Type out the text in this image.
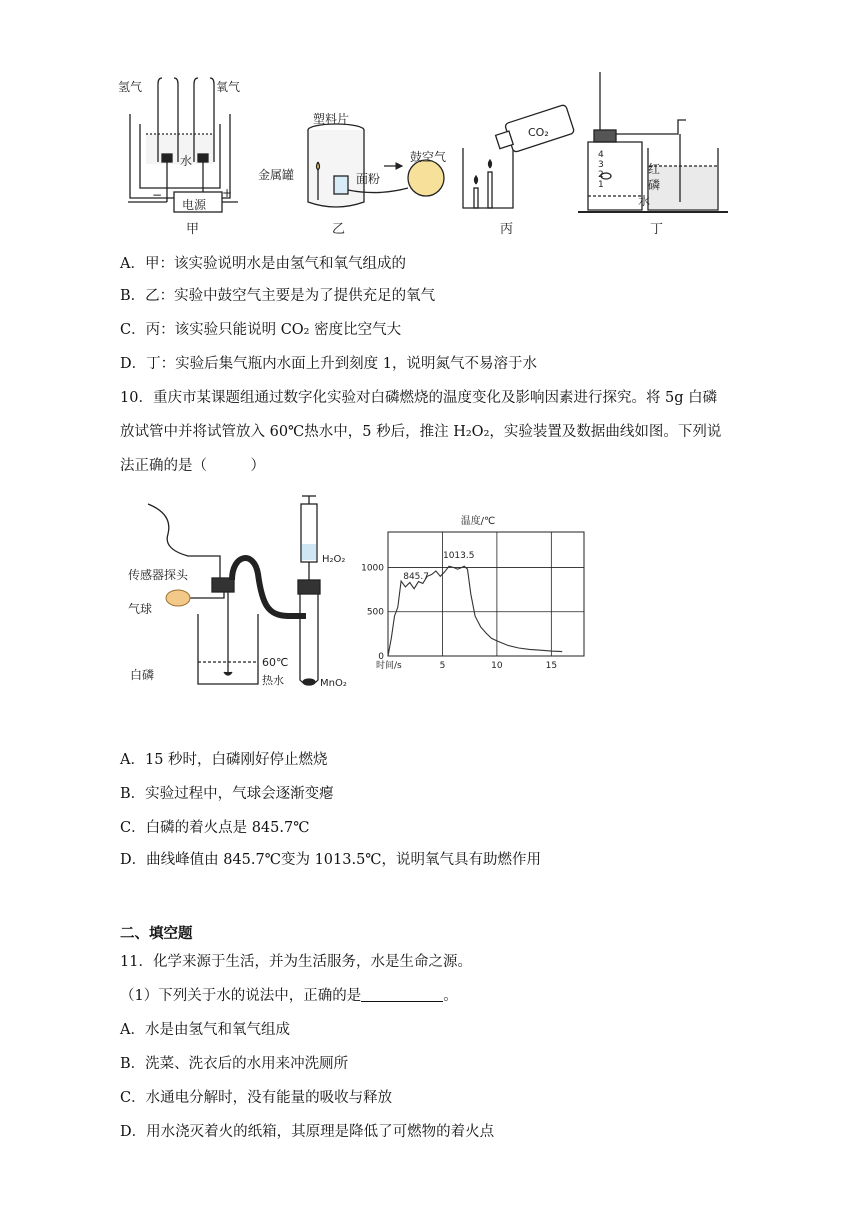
氢气	氧气
水
−	+
电源
甲
塑料片
金属罐	面粉
鼓空气
乙
CO₂
丙
红
磷
水
4
3
2
1
丁
A．甲：该实验说明水是由氢气和氧气组成的
B．乙：实验中鼓空气主要是为了提供充足的氧气
C．丙：该实验只能说明 CO₂ 密度比空气大
D．丁：实验后集气瓶内水面上升到刻度 1，说明氮气不易溶于水
10．重庆市某课题组通过数字化实验对白磷燃烧的温度变化及影响因素进行探究。将 5g 白磷
放试管中并将试管放入 60℃热水中，5 秒后，推注 H₂O₂，实验装置及数据曲线如图。下列说
法正确的是（　　　）
传感器探头
气球
白磷
60℃
热水
H₂O₂
MnO₂
温度/℃
0
500
1000
5	10	15
时间/s
845.7
1013.5
A．15 秒时，白磷刚好停止燃烧
B．实验过程中，气球会逐渐变瘪
C．白磷的着火点是 845.7℃
D．曲线峰值由 845.7℃变为 1013.5℃，说明氧气具有助燃作用
二、填空题
11．化学来源于生活，并为生活服务，水是生命之源。
（1）下列关于水的说法中，正确的是	。
A．水是由氢气和氧气组成
B．洗菜、洗衣后的水用来冲洗厕所
C．水通电分解时，没有能量的吸收与释放
D．用水浇灭着火的纸箱，其原理是降低了可燃物的着火点
